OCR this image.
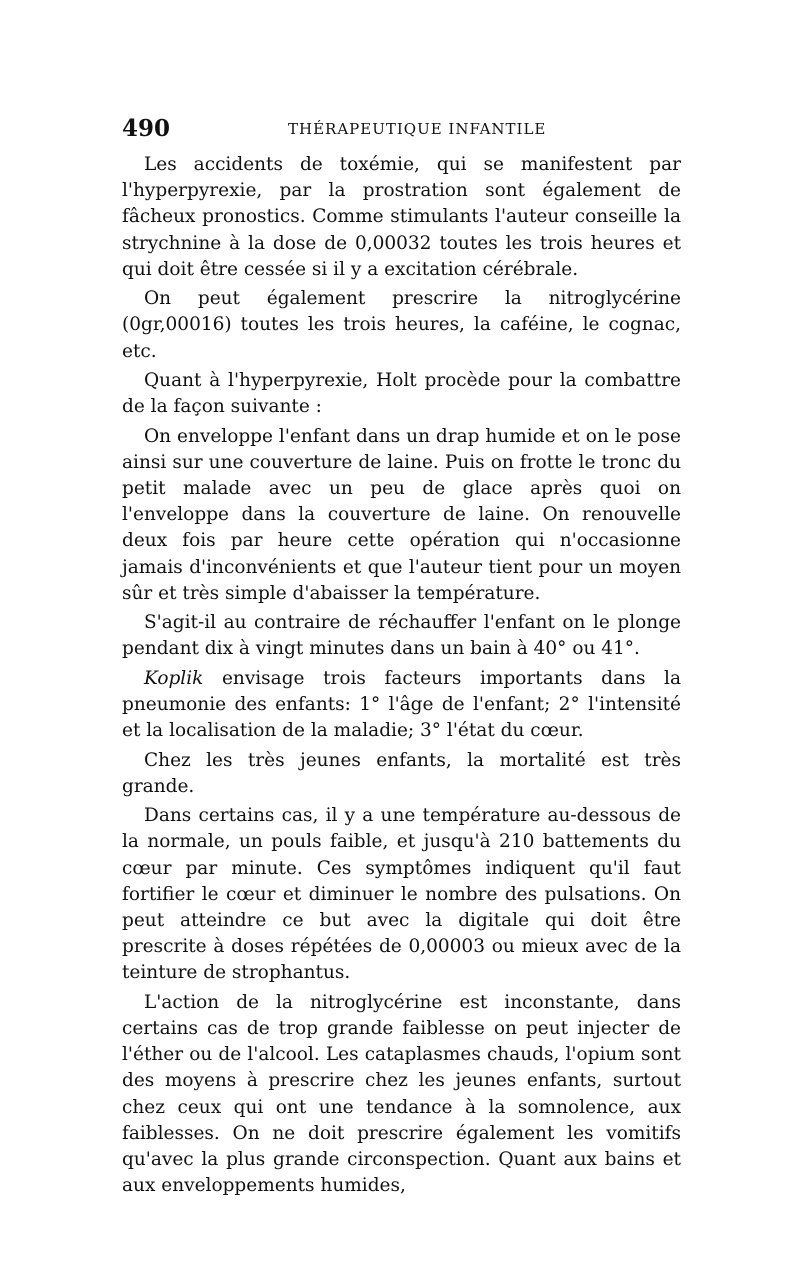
490	THÉRAPEUTIQUE INFANTILE

Les accidents de toxémie, qui se manifestent par l'hyperpyrexie, par la prostration sont également de fâcheux pronostics. Comme stimulants l'auteur conseille la strychnine à la dose de 0,00032 toutes les trois heures et qui doit être cessée si il y a excitation cérébrale.

On peut également prescrire la nitroglycérine (0gr,00016) toutes les trois heures, la caféine, le cognac, etc.

Quant à l'hyperpyrexie, Holt procède pour la combattre de la façon suivante :

On enveloppe l'enfant dans un drap humide et on le pose ainsi sur une couverture de laine. Puis on frotte le tronc du petit malade avec un peu de glace après quoi on l'enveloppe dans la couverture de laine. On renouvelle deux fois par heure cette opération qui n'occasionne jamais d'inconvénients et que l'auteur tient pour un moyen sûr et très simple d'abaisser la température.

S'agit-il au contraire de réchauffer l'enfant on le plonge pendant dix à vingt minutes dans un bain à 40° ou 41°.

Koplik envisage trois facteurs importants dans la pneumonie des enfants: 1° l'âge de l'enfant; 2° l'intensité et la localisation de la maladie; 3° l'état du cœur.

Chez les très jeunes enfants, la mortalité est très grande.

Dans certains cas, il y a une température au-dessous de la normale, un pouls faible, et jusqu'à 210 battements du cœur par minute. Ces symptômes indiquent qu'il faut fortifier le cœur et diminuer le nombre des pulsations. On peut atteindre ce but avec la digitale qui doit être prescrite à doses répétées de 0,00003 ou mieux avec de la teinture de strophantus.

L'action de la nitroglycérine est inconstante, dans certains cas de trop grande faiblesse on peut injecter de l'éther ou de l'alcool. Les cataplasmes chauds, l'opium sont des moyens à prescrire chez les jeunes enfants, surtout chez ceux qui ont une tendance à la somnolence, aux faiblesses. On ne doit prescrire également les vomitifs qu'avec la plus grande circonspection. Quant aux bains et aux enveloppements humides,
